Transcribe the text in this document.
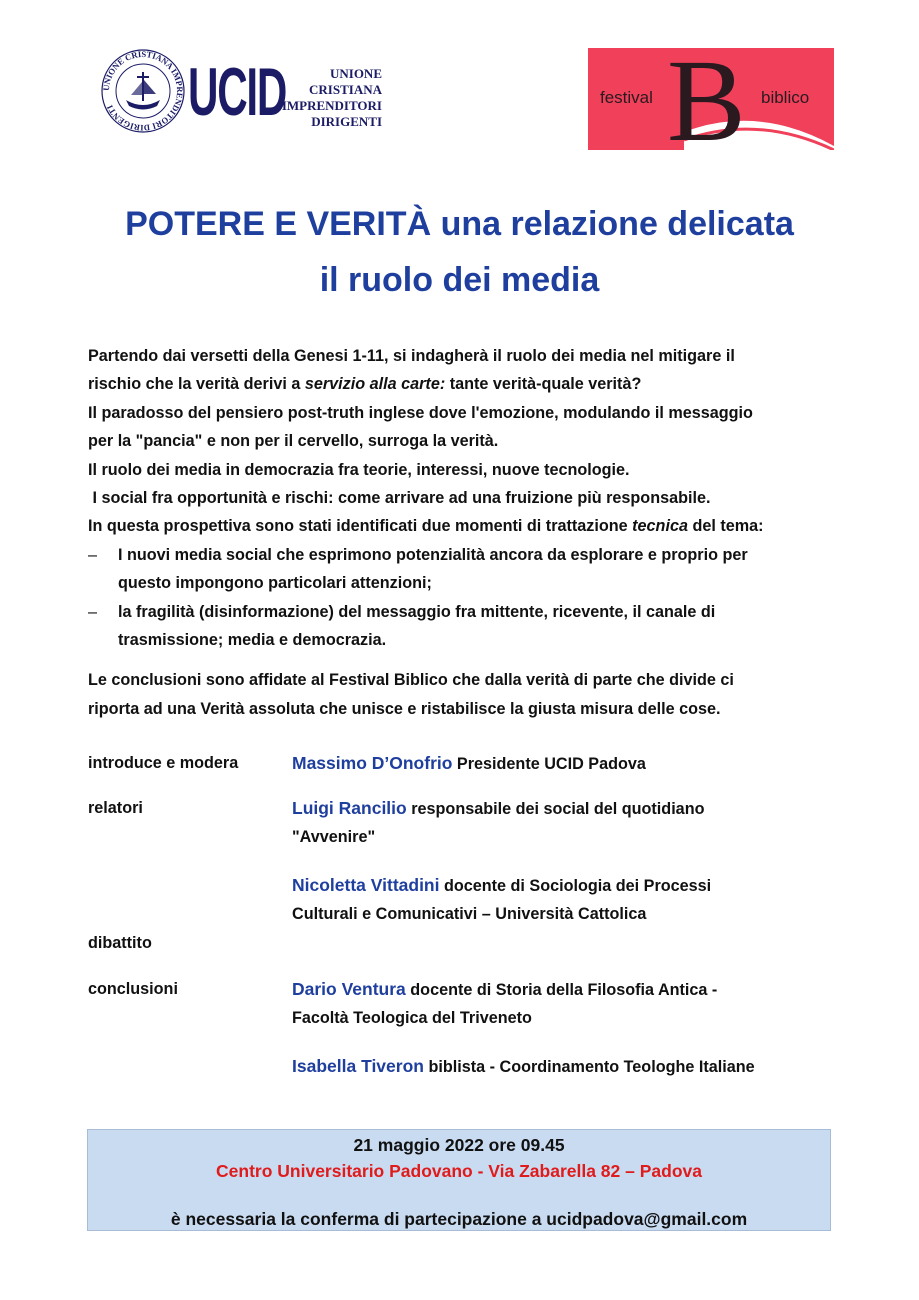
UNIONE CRISTIANA IMPRENDITORI DIRIGENTI	UCID	UNIONE
CRISTIANA
IMPRENDITORI
DIRIGENTI
festival B biblico
POTERE E VERITÀ una relazione delicata
il ruolo dei media

Partendo dai versetti della Genesi 1-11, si indagherà il ruolo dei media nel mitigare il

rischio che la verità derivi a servizio alla carte: tante verità-quale verità?

Il paradosso del pensiero post-truth inglese dove l'emozione, modulando il messaggio

per la "pancia" e non per il cervello, surroga la verità.

Il ruolo dei media in democrazia fra teorie, interessi, nuove tecnologie.

I social fra opportunità e rischi: come arrivare ad una fruizione più responsabile.

In questa prospettiva sono stati identificati due momenti di trattazione tecnica del tema:

– I nuovi media social che esprimono potenzialità ancora da esplorare e proprio per
questo impongono particolari attenzioni;
– la fragilità (disinformazione) del messaggio fra mittente, ricevente, il canale di
trasmissione; media e democrazia.

Le conclusioni sono affidate al Festival Biblico che dalla verità di parte che divide ci

riporta ad una Verità assoluta che unisce e ristabilisce la giusta misura delle cose.

introduce e modera	Massimo D’Onofrio Presidente UCID Padova
relatori	Luigi Rancilio responsabile dei social del quotidiano
"Avvenire"
Nicoletta Vittadini docente di Sociologia dei Processi
Culturali e Comunicativi – Università Cattolica
dibattito
conclusioni	Dario Ventura docente di Storia della Filosofia Antica -
Facoltà Teologica del Triveneto
Isabella Tiveron biblista - Coordinamento Teologhe Italiane
21 maggio 2022 ore 09.45
Centro Universitario Padovano - Via Zabarella 82 – Padova
è necessaria la conferma di partecipazione a ucidpadova@gmail.com
